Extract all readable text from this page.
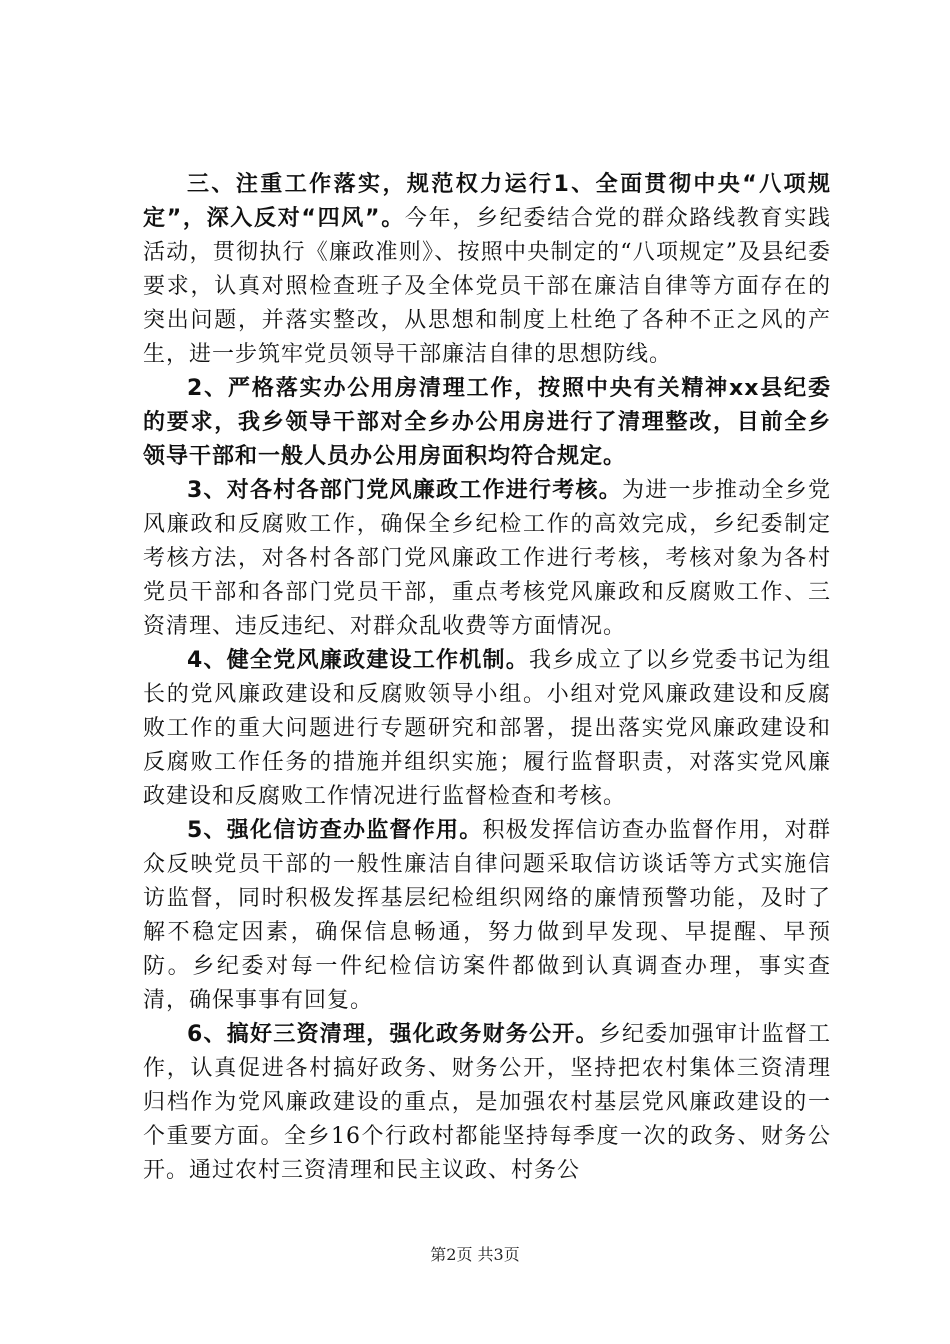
三、注重工作落实，规范权力运行1、全面贯彻中央“八项规定”，深入反对“四风”。今年，乡纪委结合党的群众路线教育实践活动，贯彻执行《廉政准则》、按照中央制定的“八项规定”及县纪委要求，认真对照检查班子及全体党员干部在廉洁自律等方面存在的突出问题，并落实整改，从思想和制度上杜绝了各种不正之风的产生，进一步筑牢党员领导干部廉洁自律的思想防线。

2、严格落实办公用房清理工作，按照中央有关精神xx县纪委的要求，我乡领导干部对全乡办公用房进行了清理整改，目前全乡领导干部和一般人员办公用房面积均符合规定。

3、对各村各部门党风廉政工作进行考核。为进一步推动全乡党风廉政和反腐败工作，确保全乡纪检工作的高效完成，乡纪委制定考核方法，对各村各部门党风廉政工作进行考核，考核对象为各村党员干部和各部门党员干部，重点考核党风廉政和反腐败工作、三资清理、违反违纪、对群众乱收费等方面情况。

4、健全党风廉政建设工作机制。我乡成立了以乡党委书记为组长的党风廉政建设和反腐败领导小组。小组对党风廉政建设和反腐败工作的重大问题进行专题研究和部署，提出落实党风廉政建设和反腐败工作任务的措施并组织实施；履行监督职责，对落实党风廉政建设和反腐败工作情况进行监督检查和考核。

5、强化信访查办监督作用。积极发挥信访查办监督作用，对群众反映党员干部的一般性廉洁自律问题采取信访谈话等方式实施信访监督，同时积极发挥基层纪检组织网络的廉情预警功能，及时了解不稳定因素，确保信息畅通，努力做到早发现、早提醒、早预防。乡纪委对每一件纪检信访案件都做到认真调查办理，事实查清，确保事事有回复。

6、搞好三资清理，强化政务财务公开。乡纪委加强审计监督工作，认真促进各村搞好政务、财务公开，坚持把农村集体三资清理归档作为党风廉政建设的重点，是加强农村基层党风廉政建设的一个重要方面。全乡16个行政村都能坚持每季度一次的政务、财务公开。通过农村三资清理和民主议政、村务公

第2页 共3页
